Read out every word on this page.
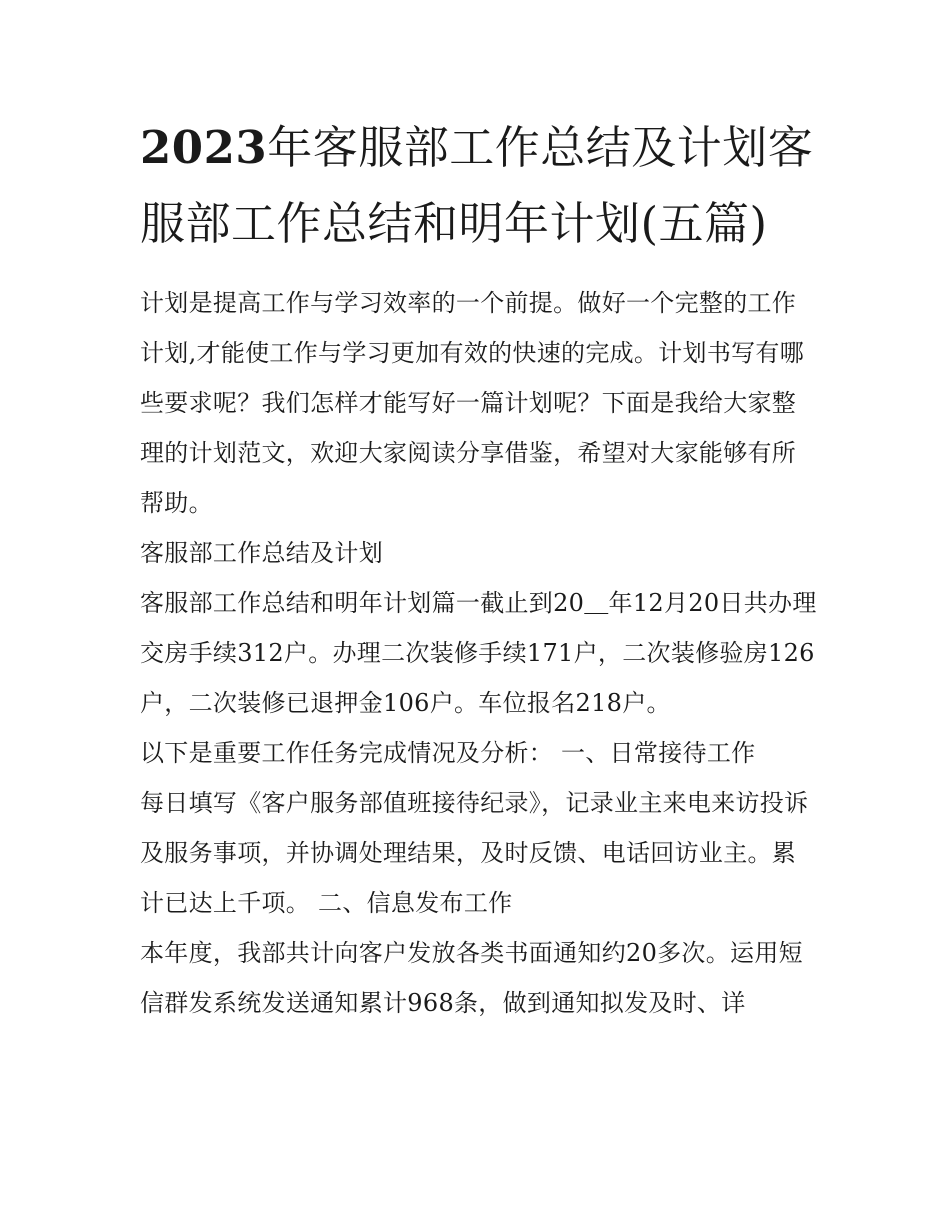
2023年客服部工作总结及计划客服部工作总结和明年计划(五篇)

计划是提高工作与学习效率的一个前提。做好一个完整的工作计划,才能使工作与学习更加有效的快速的完成。计划书写有哪些要求呢？我们怎样才能写好一篇计划呢？下面是我给大家整理的计划范文，欢迎大家阅读分享借鉴，希望对大家能够有所帮助。

客服部工作总结及计划

客服部工作总结和明年计划篇一截止到20＿年12月20日共办理交房手续312户。办理二次装修手续171户，二次装修验房126户，二次装修已退押金106户。车位报名218户。

以下是重要工作任务完成情况及分析： 一、日常接待工作

每日填写《客户服务部值班接待纪录》，记录业主来电来访投诉及服务事项，并协调处理结果，及时反馈、电话回访业主。累计已达上千项。 二、信息发布工作

本年度，我部共计向客户发放各类书面通知约20多次。运用短信群发系统发送通知累计968条，做到通知拟发及时、详
